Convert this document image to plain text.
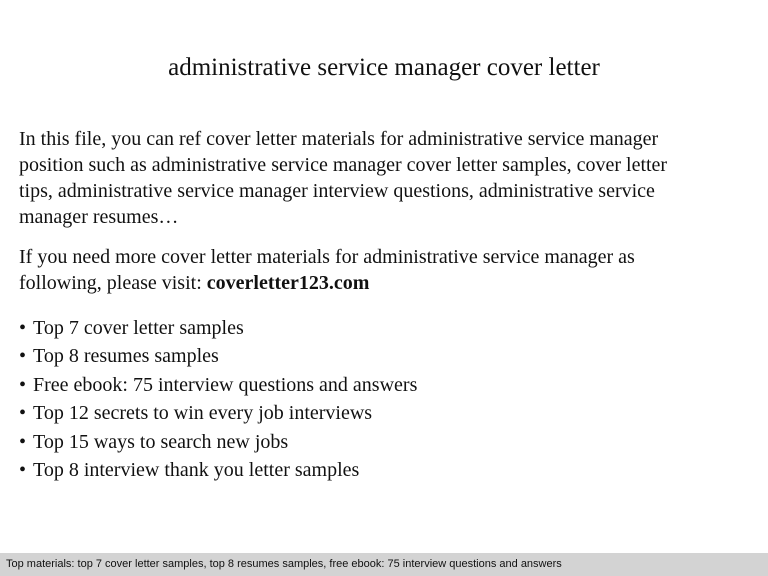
administrative service manager cover letter

In this file, you can ref cover letter materials for administrative service manager
position such as administrative service manager cover letter samples, cover letter
tips, administrative service manager interview questions, administrative service
manager resumes…

If you need more cover letter materials for administrative service manager as
following, please visit: coverletter123.com

• Top 7 cover letter samples
• Top 8 resumes samples
• Free ebook: 75 interview questions and answers
• Top 12 secrets to win every job interviews
• Top 15 ways to search new jobs
• Top 8 interview thank you letter samples
Top materials: top 7 cover letter samples, top 8 resumes samples, free ebook: 75 interview questions and answers
